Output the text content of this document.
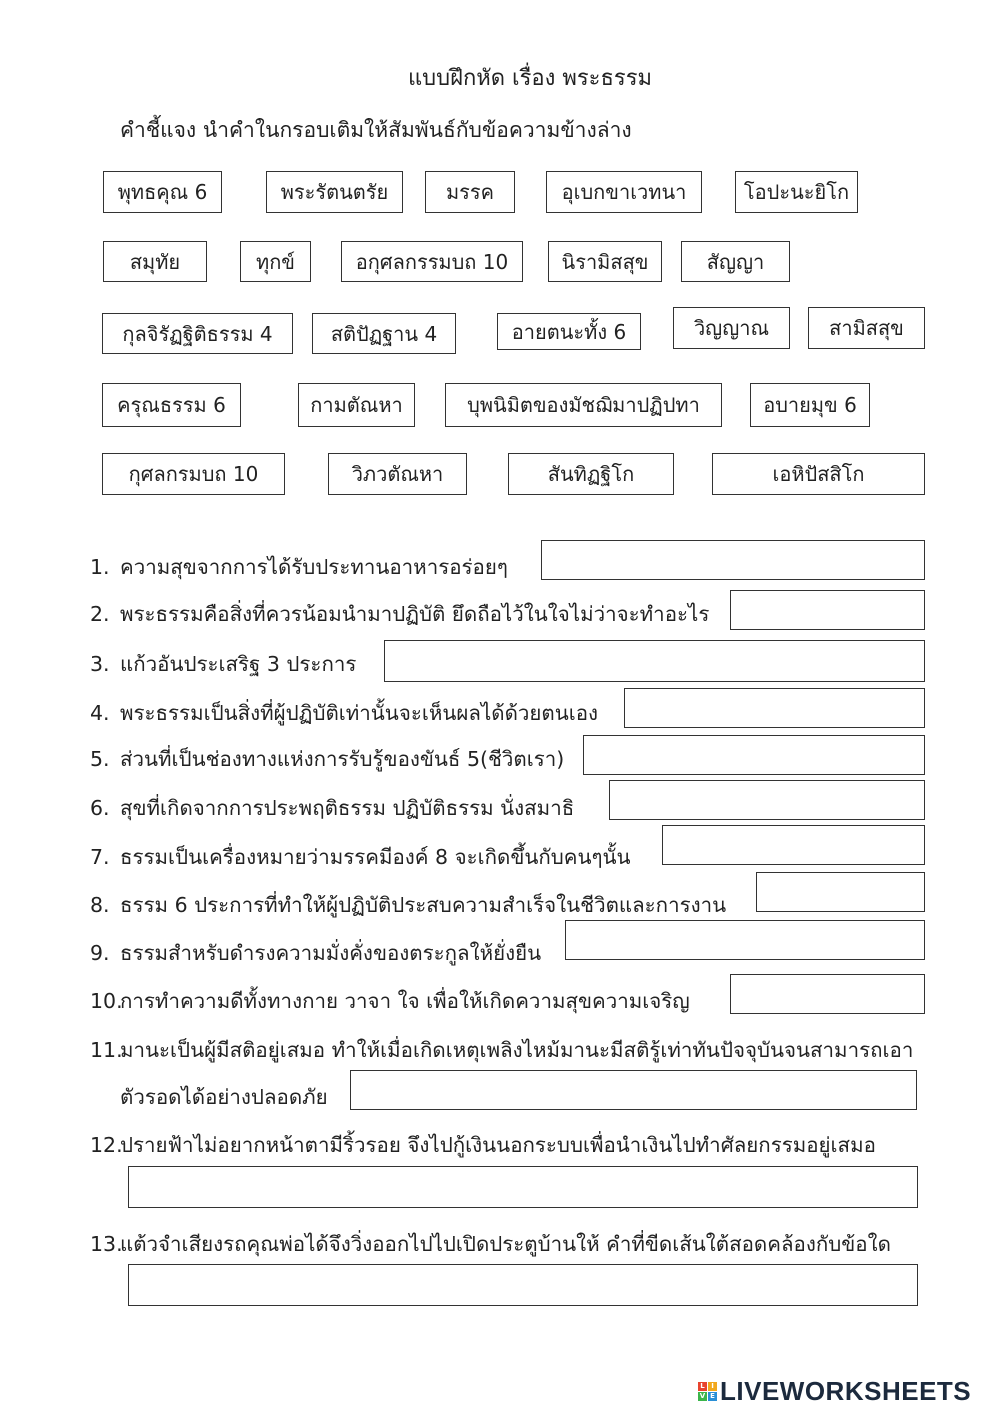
แบบฝึกหัด เรื่อง พระธรรม
คำชี้แจง นำคำในกรอบเติมให้สัมพันธ์กับข้อความข้างล่าง
พุทธคุณ 6	พระรัตนตรัย	มรรค	อุเบกขาเวทนา	โอปะนะยิโก
สมุทัย	ทุกข์	อกุศลกรรมบถ 10	นิรามิสสุข	สัญญา
กุลจิรัฏฐิติธรรม 4	สติปัฏฐาน 4	อายตนะทั้ง 6	วิญญาณ	สามิสสุข
ครุณธรรม 6	กามตัณหา	บุพนิมิตของมัชฌิมาปฏิปทา	อบายมุข 6
กุศลกรมบถ 10	วิภวตัณหา	สันทิฏฐิโก	เอหิปัสสิโก
1. ความสุขจากการได้รับประทานอาหารอร่อยๆ
2. พระธรรมคือสิ่งที่ควรน้อมนำมาปฏิบัติ ยึดถือไว้ในใจไม่ว่าจะทำอะไร
3. แก้วอันประเสริฐ 3 ประการ
4. พระธรรมเป็นสิ่งที่ผู้ปฏิบัติเท่านั้นจะเห็นผลได้ด้วยตนเอง
5. ส่วนที่เป็นช่องทางแห่งการรับรู้ของขันธ์ 5(ชีวิตเรา)
6. สุขที่เกิดจากการประพฤติธรรม ปฏิบัติธรรม นั่งสมาธิ
7. ธรรมเป็นเครื่องหมายว่ามรรคมีองค์ 8 จะเกิดขึ้นกับคนๆนั้น
8. ธรรม 6 ประการที่ทำให้ผู้ปฏิบัติประสบความสำเร็จในชีวิตและการงาน
9. ธรรมสำหรับดำรงความมั่งคั่งของตระกูลให้ยั่งยืน
10.การทำความดีทั้งทางกาย วาจา ใจ เพื่อให้เกิดความสุขความเจริญ
11.มานะเป็นผู้มีสติอยู่เสมอ ทำให้เมื่อเกิดเหตุเพลิงไหม้มานะมีสติรู้เท่าทันปัจจุบันจนสามารถเอา
ตัวรอดได้อย่างปลอดภัย
12.ปรายฟ้าไม่อยากหน้าตามีริ้วรอย จึงไปกู้เงินนอกระบบเพื่อนำเงินไปทำศัลยกรรมอยู่เสมอ
13.แต้วจำเสียงรถคุณพ่อได้จึงวิ่งออกไปไปเปิดประตูบ้านให้ คำที่ขีดเส้นใต้สอดคล้องกับข้อใด
L I
V E LIVEWORKSHEETS
